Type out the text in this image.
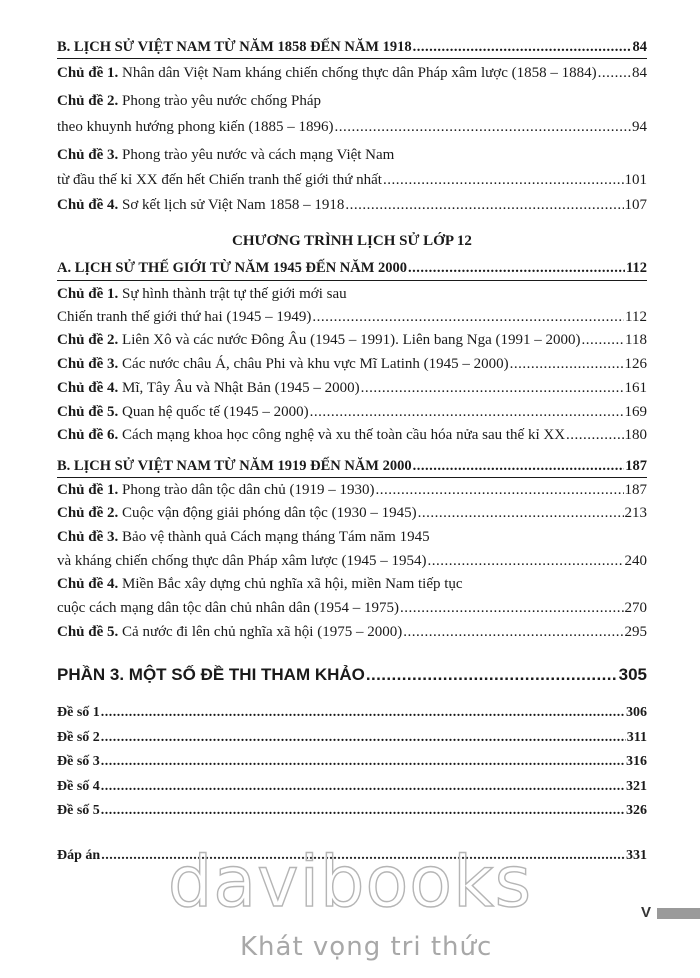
B. LỊCH SỬ VIỆT NAM TỪ NĂM 1858 ĐẾN NĂM 1918 .....	84
Chủ đề 1. Nhân dân Việt Nam kháng chiến chống thực dân Pháp xâm lược (1858 – 1884) ..... 84
Chủ đề 2. Phong trào yêu nước chống Pháp
theo khuynh hướng phong kiến (1885 – 1896) .....	94
Chủ đề 3. Phong trào yêu nước và cách mạng Việt Nam
từ đầu thế kỉ XX đến hết Chiến tranh thế giới thứ nhất .....	101
Chủ đề 4. Sơ kết lịch sử Việt Nam 1858 – 1918 .....	107
CHƯƠNG TRÌNH LỊCH SỬ LỚP 12
A. LỊCH SỬ THẾ GIỚI TỪ NĂM 1945 ĐẾN NĂM 2000 .....	112
Chủ đề 1. Sự hình thành trật tự thế giới mới sau
Chiến tranh thế giới thứ hai (1945 – 1949) .....	112
Chủ đề 2. Liên Xô và các nước Đông Âu (1945 – 1991). Liên bang Nga (1991 – 2000) .....	118
Chủ đề 3. Các nước châu Á, châu Phi và khu vực Mĩ Latinh (1945 – 2000) .....	126
Chủ đề 4. Mĩ, Tây Âu và Nhật Bản (1945 – 2000) .....	161
Chủ đề 5. Quan hệ quốc tế (1945 – 2000) .....	169
Chủ đề 6. Cách mạng khoa học công nghệ và xu thế toàn cầu hóa nửa sau thế kỉ XX .....	180
B. LỊCH SỬ VIỆT NAM TỪ NĂM 1919 ĐẾN NĂM 2000 .....	187
Chủ đề 1. Phong trào dân tộc dân chủ (1919 – 1930) .....	187
Chủ đề 2. Cuộc vận động giải phóng dân tộc (1930 – 1945) .....	213
Chủ đề 3. Bảo vệ thành quả Cách mạng tháng Tám năm 1945
và kháng chiến chống thực dân Pháp xâm lược (1945 – 1954) .....	240
Chủ đề 4. Miền Bắc xây dựng chủ nghĩa xã hội, miền Nam tiếp tục
cuộc cách mạng dân tộc dân chủ nhân dân (1954 – 1975) .....	270
Chủ đề 5. Cả nước đi lên chủ nghĩa xã hội (1975 – 2000) .....	295
PHẦN 3. MỘT SỐ ĐỀ THI THAM KHẢO .....	305
Đề số 1 .....	306
Đề số 2 .....	311
Đề số 3 .....	316
Đề số 4 .....	321
Đề số 5 .....	326
Đáp án .....	331
davibooks
Khát vọng tri thức
V
